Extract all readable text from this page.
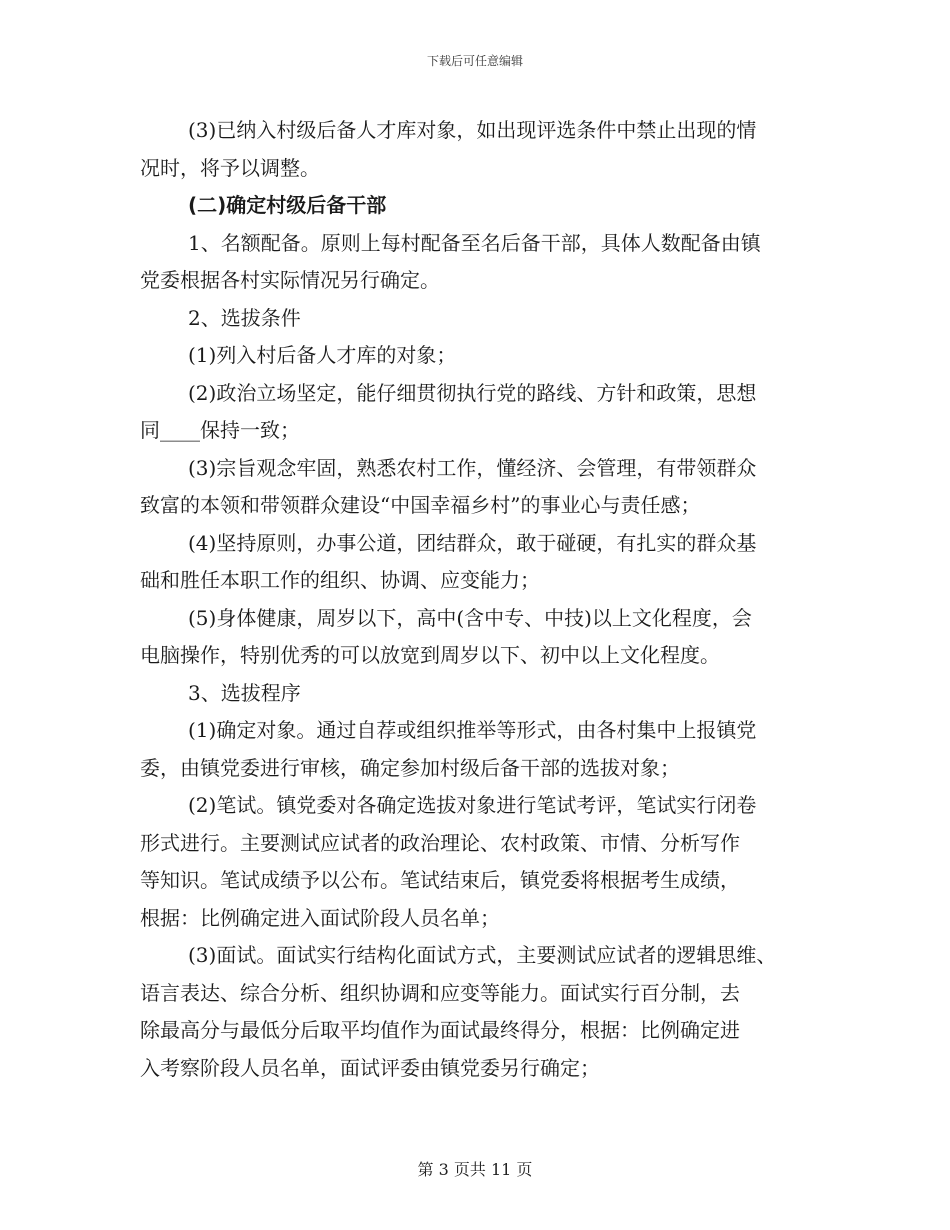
下载后可任意编辑
(3)已纳入村级后备人才库对象，如出现评选条件中禁止出现的情
况时，将予以调整。
(二)确定村级后备干部
1、名额配备。原则上每村配备至名后备干部，具体人数配备由镇
党委根据各村实际情况另行确定。
2、选拔条件
(1)列入村后备人才库的对象；
(2)政治立场坚定，能仔细贯彻执行党的路线、方针和政策，思想
同____保持一致；
(3)宗旨观念牢固，熟悉农村工作，懂经济、会管理，有带领群众
致富的本领和带领群众建设“中国幸福乡村”的事业心与责任感；
(4)坚持原则，办事公道，团结群众，敢于碰硬，有扎实的群众基
础和胜任本职工作的组织、协调、应变能力；
(5)身体健康，周岁以下，高中(含中专、中技)以上文化程度，会
电脑操作，特别优秀的可以放宽到周岁以下、初中以上文化程度。
3、选拔程序
(1)确定对象。通过自荐或组织推举等形式，由各村集中上报镇党
委，由镇党委进行审核，确定参加村级后备干部的选拔对象；
(2)笔试。镇党委对各确定选拔对象进行笔试考评，笔试实行闭卷
形式进行。主要测试应试者的政治理论、农村政策、市情、分析写作
等知识。笔试成绩予以公布。笔试结束后，镇党委将根据考生成绩，
根据：比例确定进入面试阶段人员名单；
(3)面试。面试实行结构化面试方式，主要测试应试者的逻辑思维、
语言表达、综合分析、组织协调和应变等能力。面试实行百分制，去
除最高分与最低分后取平均值作为面试最终得分，根据：比例确定进
入考察阶段人员名单，面试评委由镇党委另行确定；
第 3 页共 11 页
